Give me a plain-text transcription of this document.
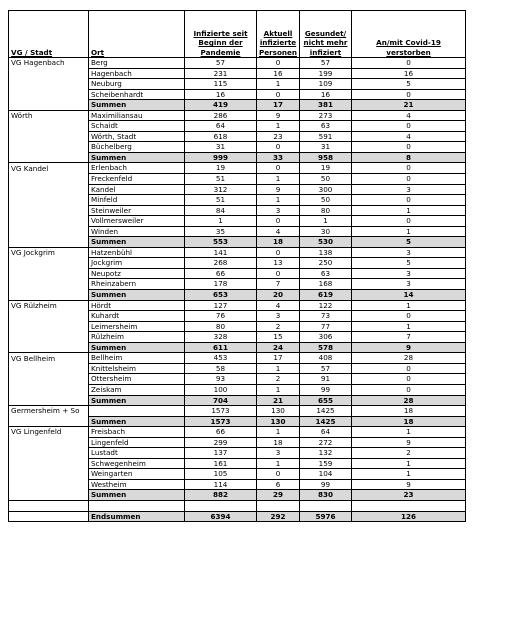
VG / Stadt	Ort	Infizierte seit Beginn der Pandemie	Aktuell infizierte Personen	Gesundet/ nicht mehr infiziert	An/mit Covid-19 verstorben
VG Hagenbach	Berg	57	0	57	0
	Hagenbach	231	16	199	16
	Neuburg	115	1	109	5
	Scheibenhardt	16	0	16	0
	Summen	419	17	381	21
Wörth	Maximiliansau	286	9	273	4
	Schaidt	64	1	63	0
	Wörth, Stadt	618	23	591	4
	Büchelberg	31	0	31	0
	Summen	999	33	958	8
VG Kandel	Erlenbach	19	0	19	0
	Freckenfeld	51	1	50	0
	Kandel	312	9	300	3
	Minfeld	51	1	50	0
	Steinweiler	84	3	80	1
	Vollmersweiler	1	0	1	0
	Winden	35	4	30	1
	Summen	553	18	530	5
VG Jockgrim	Hatzenbühl	141	0	138	3
	Jockgrim	268	13	250	5
	Neupotz	66	0	63	3
	Rheinzabern	178	7	168	3
	Summen	653	20	619	14
VG Rülzheim	Hördt	127	4	122	1
	Kuhardt	76	3	73	0
	Leimersheim	80	2	77	1
	Rülzheim	328	15	306	7
	Summen	611	24	578	9
VG Bellheim	Bellheim	453	17	408	28
	Knittelsheim	58	1	57	0
	Ottersheim	93	2	91	0
	Zeiskam	100	1	99	0
	Summen	704	21	655	28
Germersheim + So		1573	130	1425	18
	Summen	1573	130	1425	18
VG Lingenfeld	Freisbach	66	1	64	1
	Lingenfeld	299	18	272	9
	Lustadt	137	3	132	2
	Schwegenheim	161	1	159	1
	Weingarten	105	0	104	1
	Westheim	114	6	99	9
	Summen	882	29	830	23

	Endsummen	6394	292	5976	126
